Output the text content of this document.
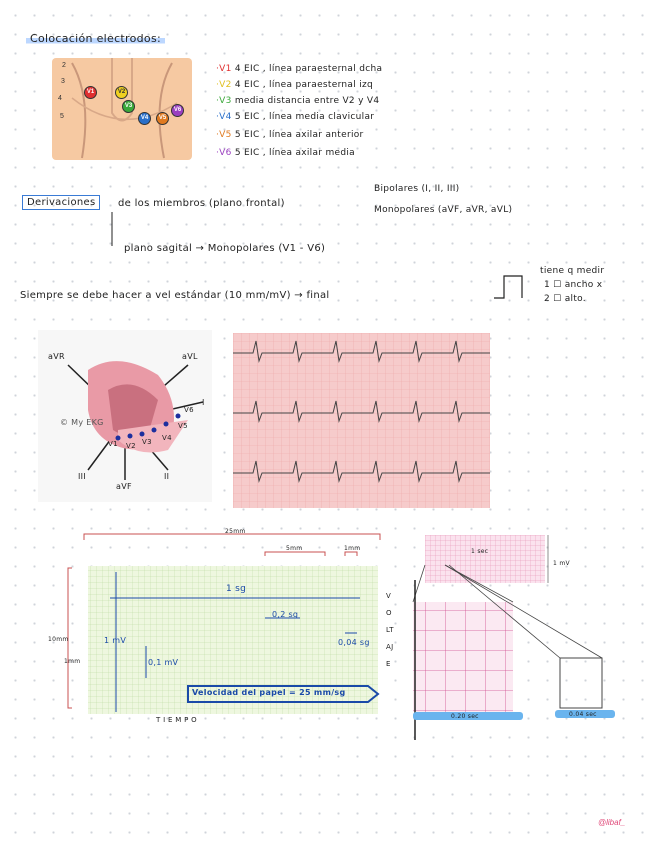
Colocación electrodos:
2
3
4
5
V1	V2
V3
V4	V5
V6
·V1 4 EIC , línea paraesternal dcha
·V2 4 EIC , línea paraesternal izq
·V3 media distancia entre V2 y V4
·V4 5 EIC , línea media clavicular
·V5 5 EIC , línea axilar anterior
·V6 5 EIC , línea axilar media
Derivaciones	de los miembros (plano frontal)
Bipolares (I, II, III)
Monopolares (aVF, aVR, aVL)
plano sagital → Monopolares (V1 - V6)
Siempre se debe hacer a vel estándar (10 mm/mV) → final
tiene q medir
1 ☐ ancho x
2 ☐ alto.
aVR	aVL
I
V6
V5
V4
V3
V2
V1
II
III
aVF
© My EKG
25mm
5mm	1mm
10mm
1mm
1 sg
0,2 sg
1 mV
0,1 mV
0,04 sg
Velocidad del papel = 25 mm/sg
VOLTAJE
T I E M P O
1 sec
1 mV
0.20 sec	0.04 sec
@libaf_
